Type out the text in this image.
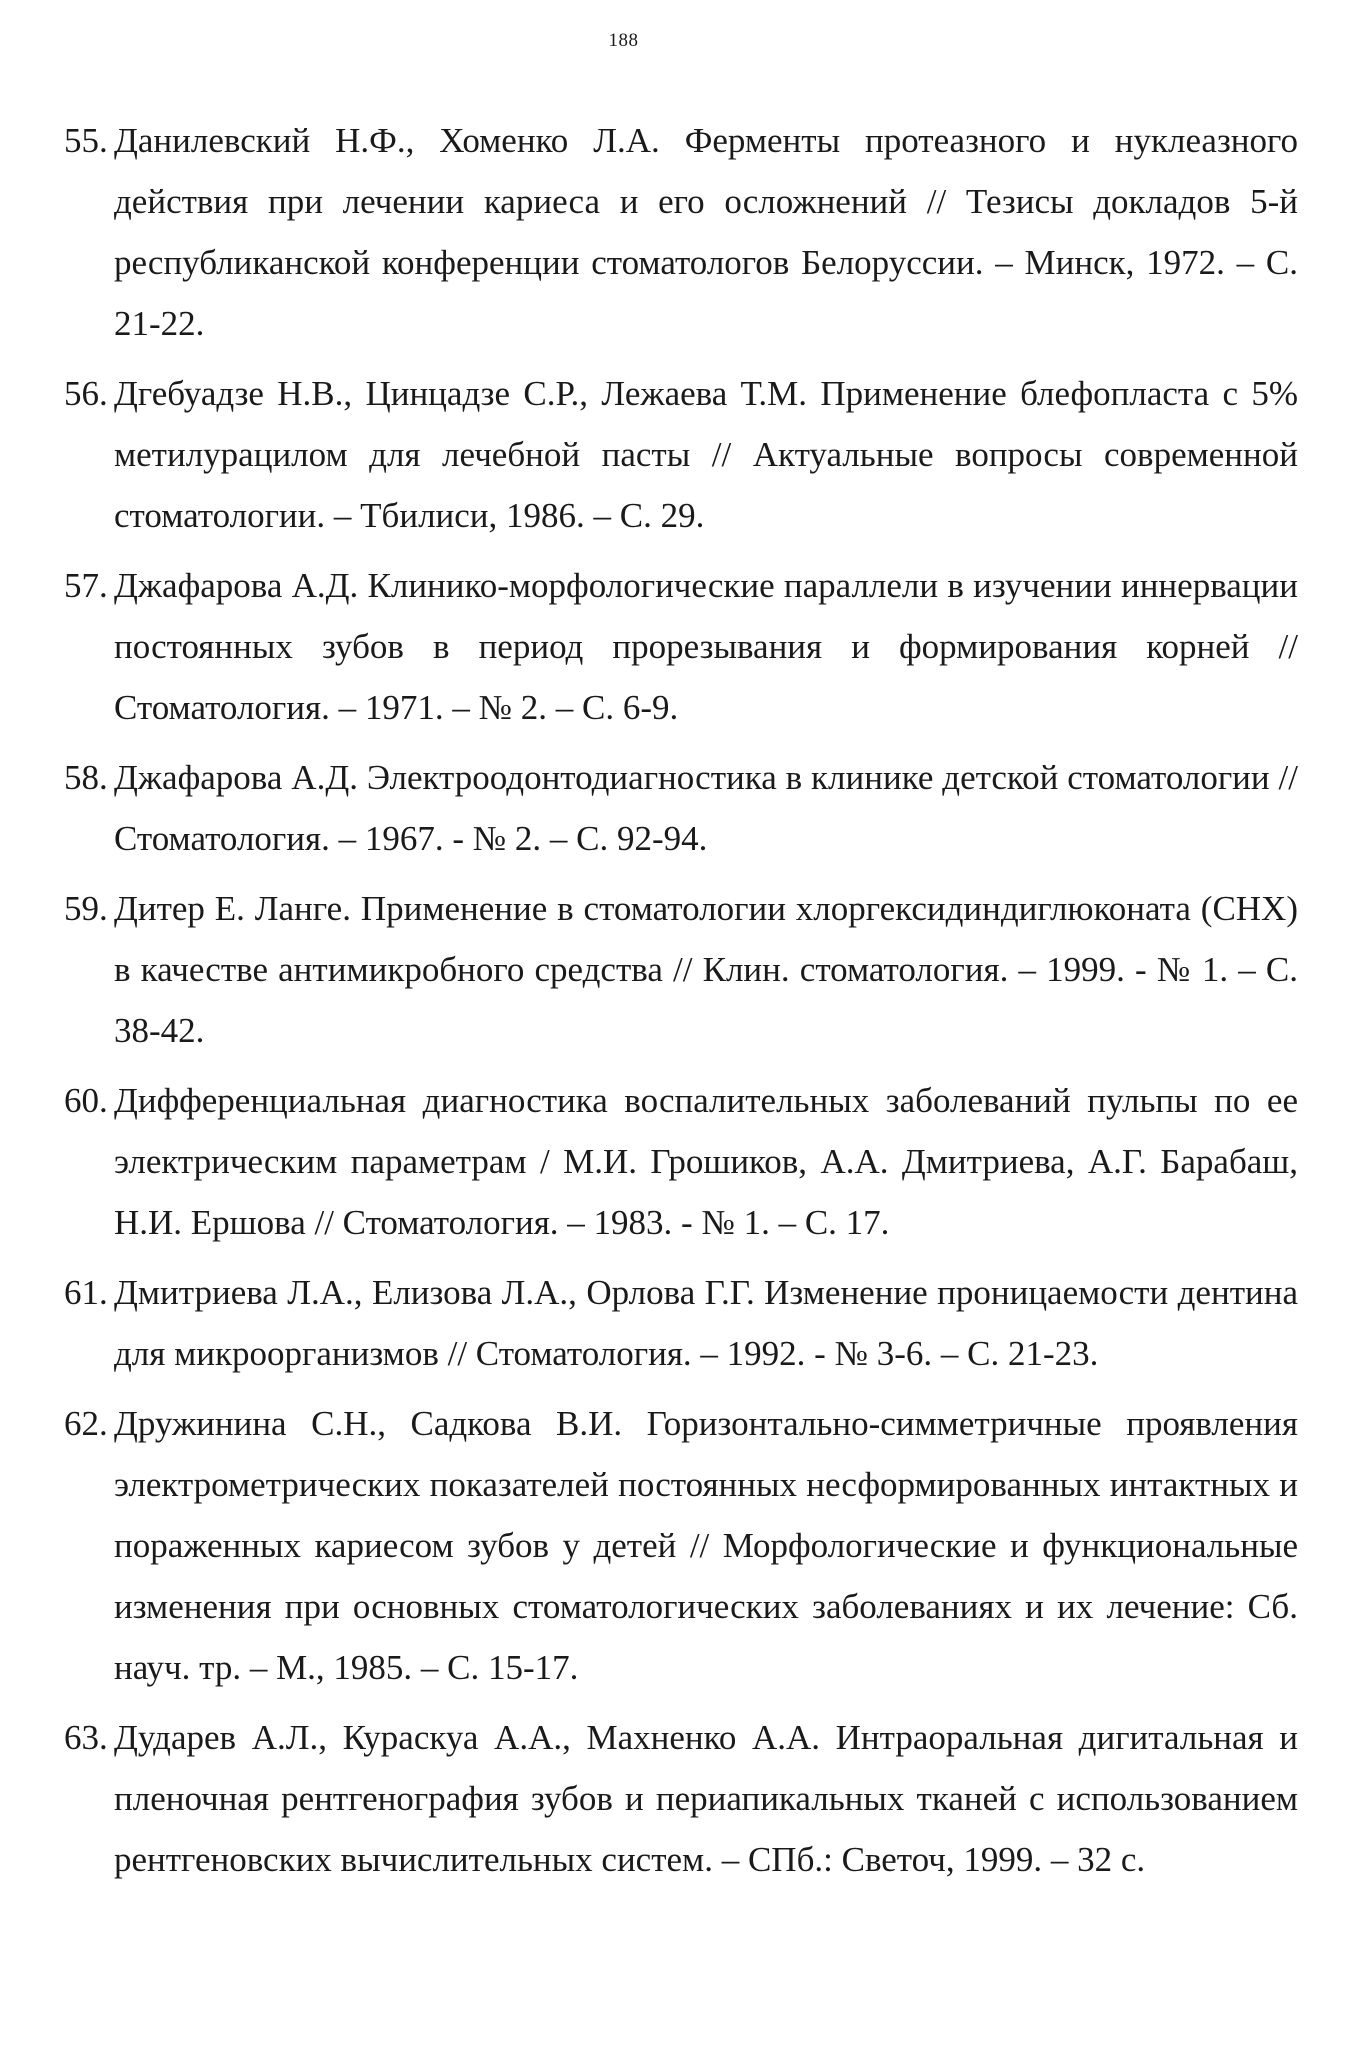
188
55. Данилевский Н.Ф., Хоменко Л.А. Ферменты протеазного и нуклеазного действия при лечении кариеса и его осложнений // Тезисы докладов 5-й республиканской конференции стоматологов Белоруссии. – Минск, 1972. – С. 21-22.
56. Дгебуадзе Н.В., Цинцадзе С.Р., Лежаева Т.М. Применение блефопласта с 5% метилурацилом для лечебной пасты // Актуальные вопросы современной стоматологии. – Тбилиси, 1986. – С. 29.
57. Джафарова А.Д. Клинико-морфологические параллели в изучении иннервации постоянных зубов в период прорезывания и формирования корней // Стоматология. – 1971. – № 2. – С. 6-9.
58. Джафарова А.Д. Электроодонтодиагностика в клинике детской стоматологии // Стоматология. – 1967. - № 2. – С. 92-94.
59. Дитер Е. Ланге. Применение в стоматологии хлоргексидиндиглюконата (CHX) в качестве антимикробного средства // Клин. стоматология. – 1999. - № 1. – С. 38-42.
60. Дифференциальная диагностика воспалительных заболеваний пульпы по ее электрическим параметрам / М.И. Грошиков, А.А. Дмитриева, А.Г. Барабаш, Н.И. Ершова // Стоматология. – 1983. - № 1. – С. 17.
61. Дмитриева Л.А., Елизова Л.А., Орлова Г.Г. Изменение проницаемости дентина для микроорганизмов // Стоматология. – 1992. - № 3-6. – С. 21-23.
62. Дружинина С.Н., Садкова В.И. Горизонтально-симметричные проявления электрометрических показателей постоянных несформированных интактных и пораженных кариесом зубов у детей // Морфологические и функциональные изменения при основных стоматологических заболеваниях и их лечение: Сб. науч. тр. – М., 1985. – С. 15-17.
63. Дударев А.Л., Кураскуа А.А., Махненко А.А. Интраоральная дигитальная и пленочная рентгенография зубов и периапикальных тканей с использованием рентгеновских вычислительных систем. – СПб.: Светоч, 1999. – 32 с.
